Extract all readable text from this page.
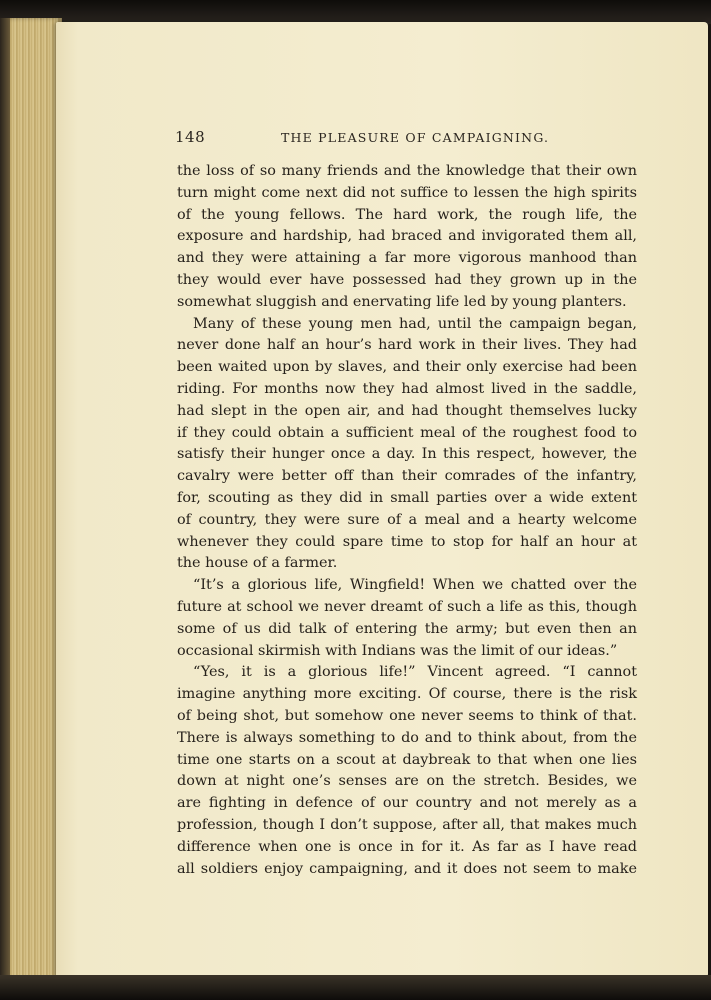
148	THE PLEASURE OF CAMPAIGNING.
the loss of so many friends and the knowledge that their own
turn might come next did not suffice to lessen the high spirits
of the young fellows. The hard work, the rough life, the
exposure and hardship, had braced and invigorated them all,
and they were attaining a far more vigorous manhood than
they would ever have possessed had they grown up in the
somewhat sluggish and enervating life led by young planters.
Many of these young men had, until the campaign began,
never done half an hour’s hard work in their lives. They had
been waited upon by slaves, and their only exercise had been
riding. For months now they had almost lived in the saddle,
had slept in the open air, and had thought themselves lucky
if they could obtain a sufficient meal of the roughest food to
satisfy their hunger once a day. In this respect, however, the
cavalry were better off than their comrades of the infantry,
for, scouting as they did in small parties over a wide extent
of country, they were sure of a meal and a hearty welcome
whenever they could spare time to stop for half an hour at
the house of a farmer.
“It’s a glorious life, Wingfield! When we chatted over the
future at school we never dreamt of such a life as this, though
some of us did talk of entering the army; but even then an
occasional skirmish with Indians was the limit of our ideas.”
“Yes, it is a glorious life!” Vincent agreed. “I cannot
imagine anything more exciting. Of course, there is the risk
of being shot, but somehow one never seems to think of that.
There is always something to do and to think about, from the
time one starts on a scout at daybreak to that when one lies
down at night one’s senses are on the stretch. Besides, we
are fighting in defence of our country and not merely as a
profession, though I don’t suppose, after all, that makes much
difference when one is once in for it. As far as I have read
all soldiers enjoy campaigning, and it does not seem to make
